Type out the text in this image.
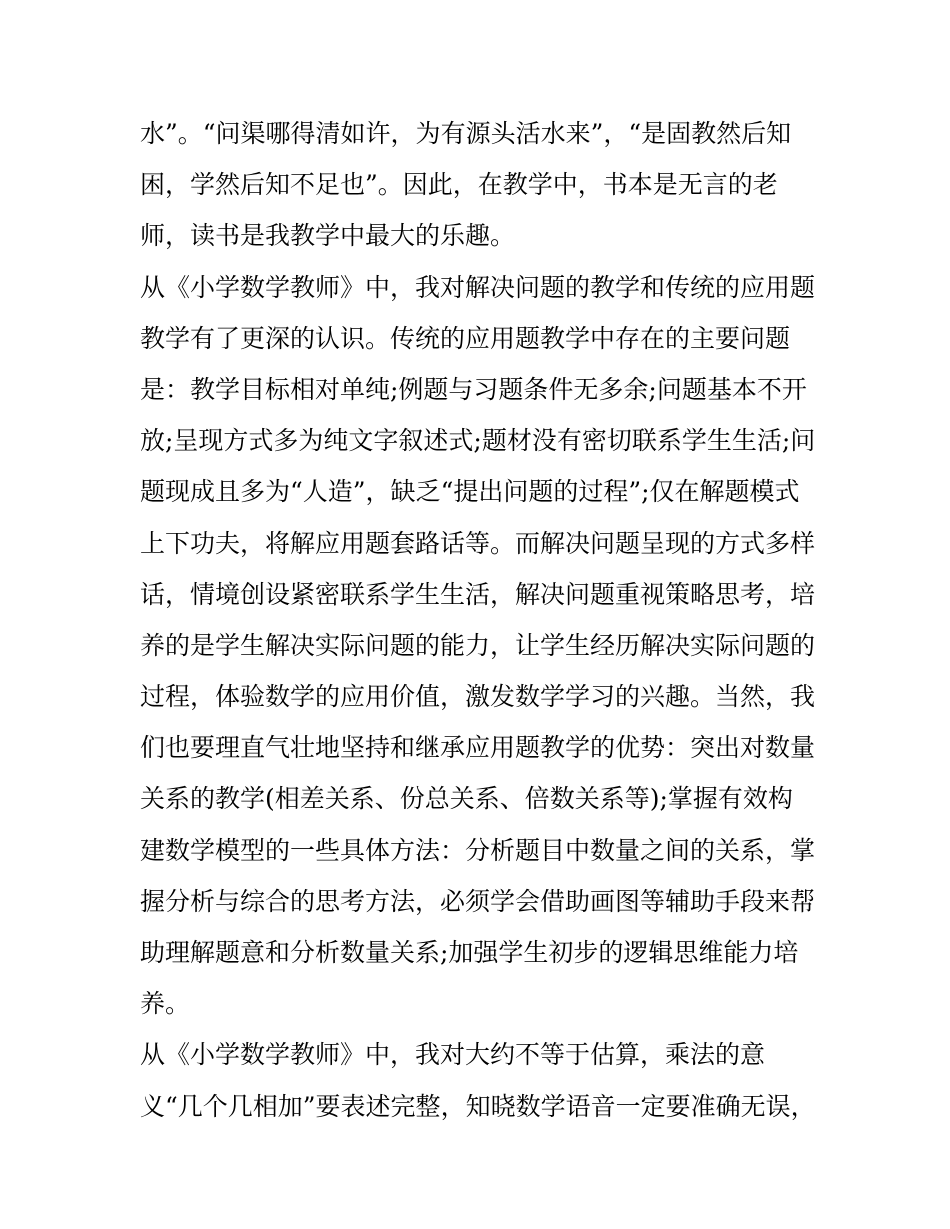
水”。“问渠哪得清如许，为有源头活水来”，“是固教然后知
困，学然后知不足也”。因此，在教学中，书本是无言的老
师，读书是我教学中最大的乐趣。
从《小学数学教师》中，我对解决问题的教学和传统的应用题
教学有了更深的认识。传统的应用题教学中存在的主要问题
是：教学目标相对单纯;例题与习题条件无多余;问题基本不开
放;呈现方式多为纯文字叙述式;题材没有密切联系学生生活;问
题现成且多为“人造”，缺乏“提出问题的过程”;仅在解题模式
上下功夫，将解应用题套路话等。而解决问题呈现的方式多样
话，情境创设紧密联系学生生活，解决问题重视策略思考，培
养的是学生解决实际问题的能力，让学生经历解决实际问题的
过程，体验数学的应用价值，激发数学学习的兴趣。当然，我
们也要理直气壮地坚持和继承应用题教学的优势：突出对数量
关系的教学(相差关系、份总关系、倍数关系等);掌握有效构
建数学模型的一些具体方法：分析题目中数量之间的关系，掌
握分析与综合的思考方法，必须学会借助画图等辅助手段来帮
助理解题意和分析数量关系;加强学生初步的逻辑思维能力培
养。
从《小学数学教师》中，我对大约不等于估算，乘法的意
义“几个几相加”要表述完整，知晓数学语音一定要准确无误，
